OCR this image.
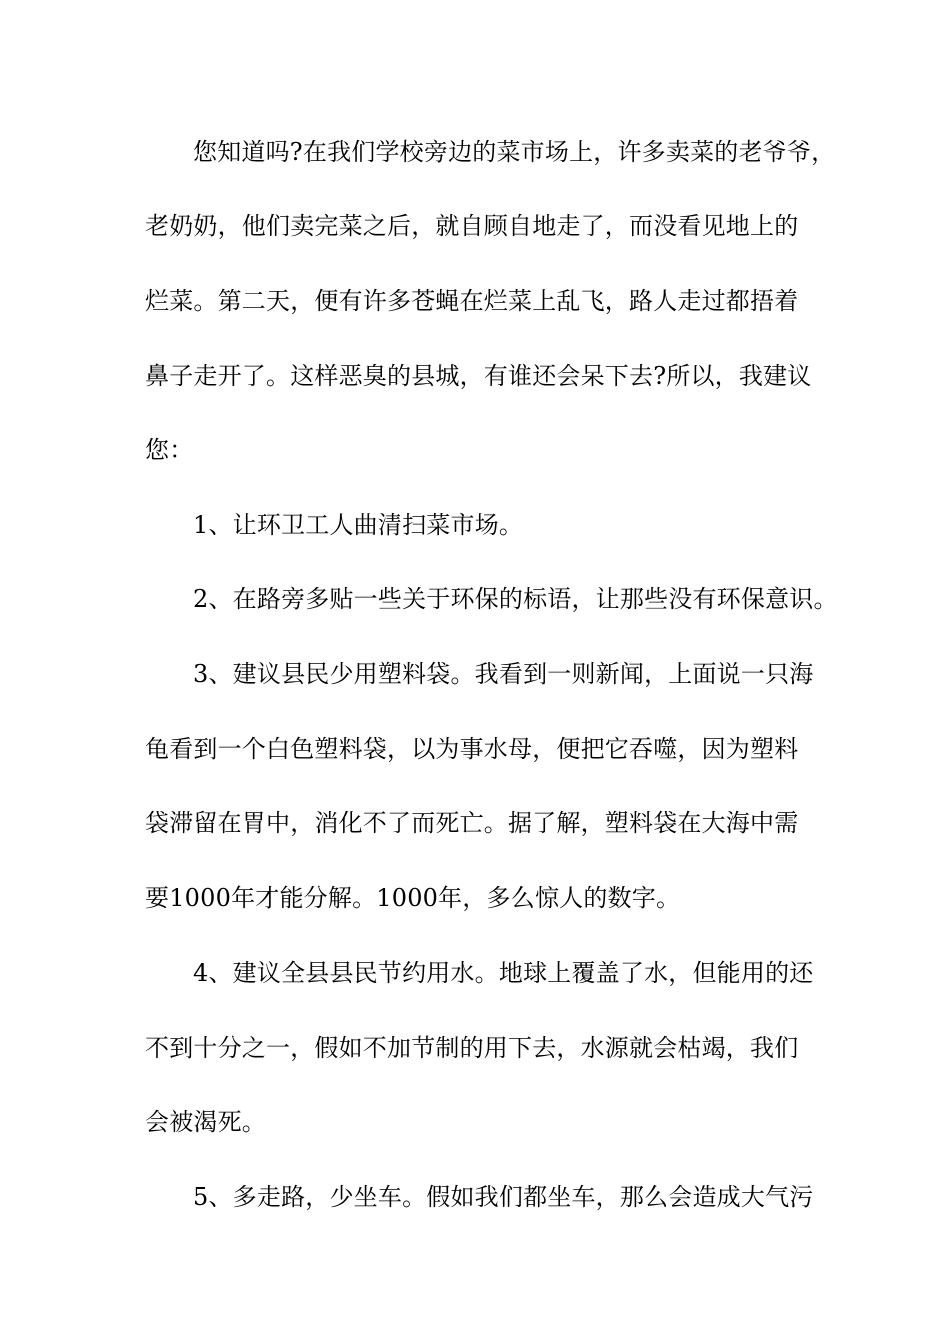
您知道吗?在我们学校旁边的菜市场上，许多卖菜的老爷爷，
老奶奶，他们卖完菜之后，就自顾自地走了，而没看见地上的
烂菜。第二天，便有许多苍蝇在烂菜上乱飞，路人走过都捂着
鼻子走开了。这样恶臭的县城，有谁还会呆下去?所以，我建议
您：
1、让环卫工人曲清扫菜市场。
2、在路旁多贴一些关于环保的标语，让那些没有环保意识。
3、建议县民少用塑料袋。我看到一则新闻，上面说一只海
龟看到一个白色塑料袋，以为事水母，便把它吞噬，因为塑料
袋滞留在胃中，消化不了而死亡。据了解，塑料袋在大海中需
要1000年才能分解。1000年，多么惊人的数字。
4、建议全县县民节约用水。地球上覆盖了水，但能用的还
不到十分之一，假如不加节制的用下去，水源就会枯竭，我们
会被渴死。
5、多走路，少坐车。假如我们都坐车，那么会造成大气污
